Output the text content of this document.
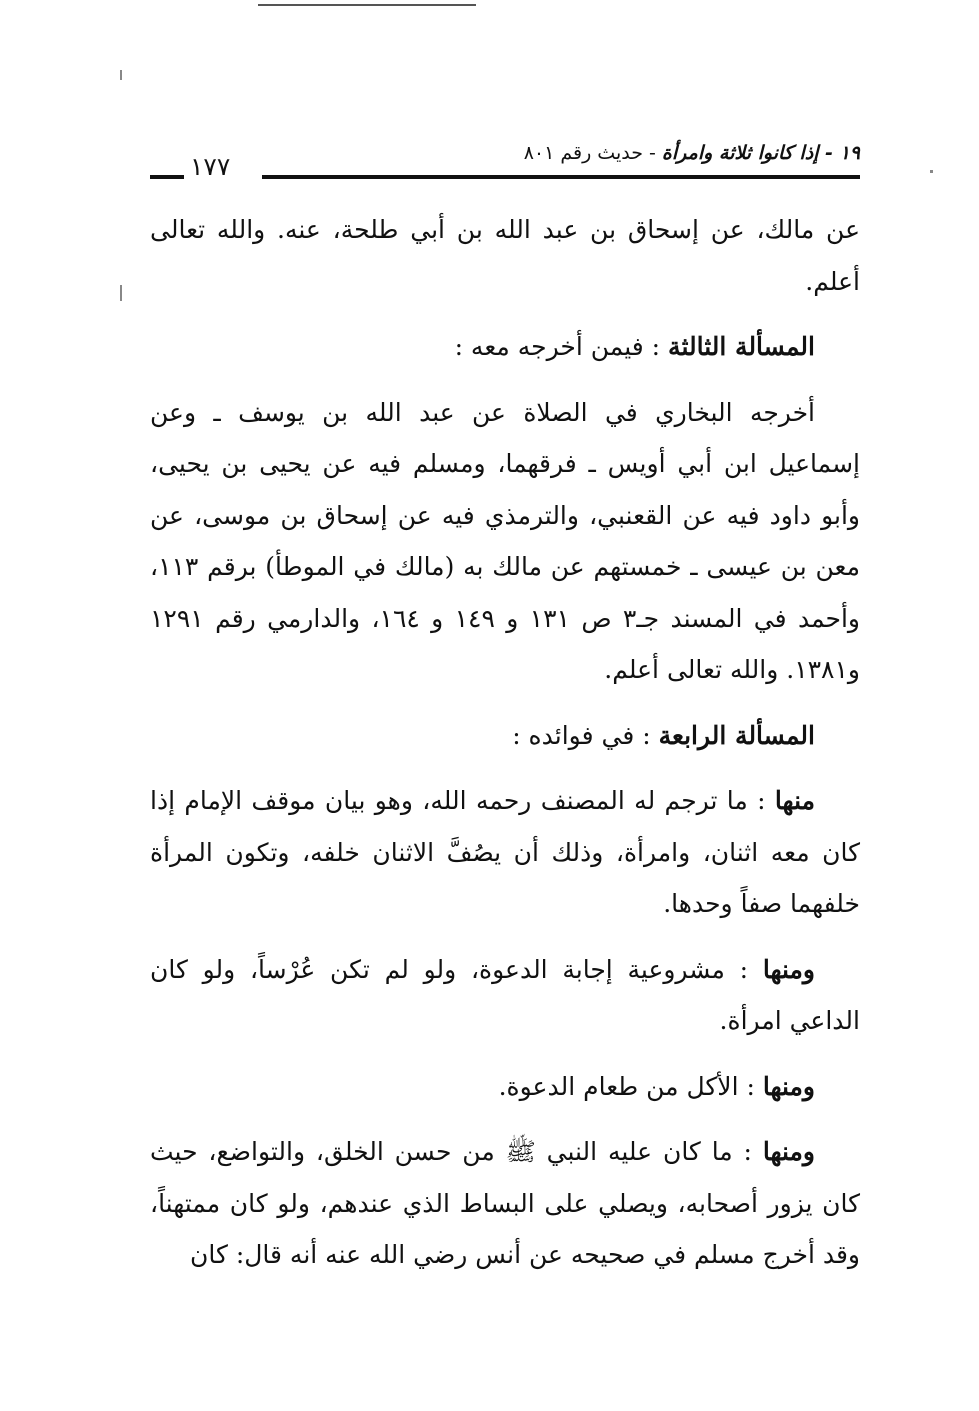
١٧٧	١٩ - إذا كانوا ثلاثة وامرأة - حديث رقم ٨٠١

عن مالك، عن إسحاق بن عبد الله بن أبي طلحة، عنه. والله تعالى أعلم.

المسألة الثالثة : فيمن أخرجه معه :

أخرجه البخاري في الصلاة عن عبد الله بن يوسف ـ وعن إسماعيل ابن أبي أويس ـ فرقهما، ومسلم فيه عن يحيى بن يحيى، وأبو داود فيه عن القعنبي، والترمذي فيه عن إسحاق بن موسى، عن معن بن عيسى ـ خمستهم عن مالك به (مالك في الموطأ) برقم ١١٣، وأحمد في المسند جـ٣ ص ١٣١ و ١٤٩ و ١٦٤، والدارمي رقم ١٢٩١ و١٣٨١. والله تعالى أعلم.

المسألة الرابعة : في فوائده :

منها : ما ترجم له المصنف رحمه الله، وهو بيان موقف الإمام إذا كان معه اثنان، وامرأة، وذلك أن يصُفَّ الاثنان خلفه، وتكون المرأة خلفهما صفاً وحدها.

ومنها : مشروعية إجابة الدعوة، ولو لم تكن عُرْساً، ولو كان الداعي امرأة.

ومنها : الأكل من طعام الدعوة.

ومنها : ما كان عليه النبي ﷺ من حسن الخلق، والتواضع، حيث كان يزور أصحابه، ويصلي على البساط الذي عندهم، ولو كان ممتهناً، وقد أخرج مسلم في صحيحه عن أنس رضي الله عنه أنه قال: كان
